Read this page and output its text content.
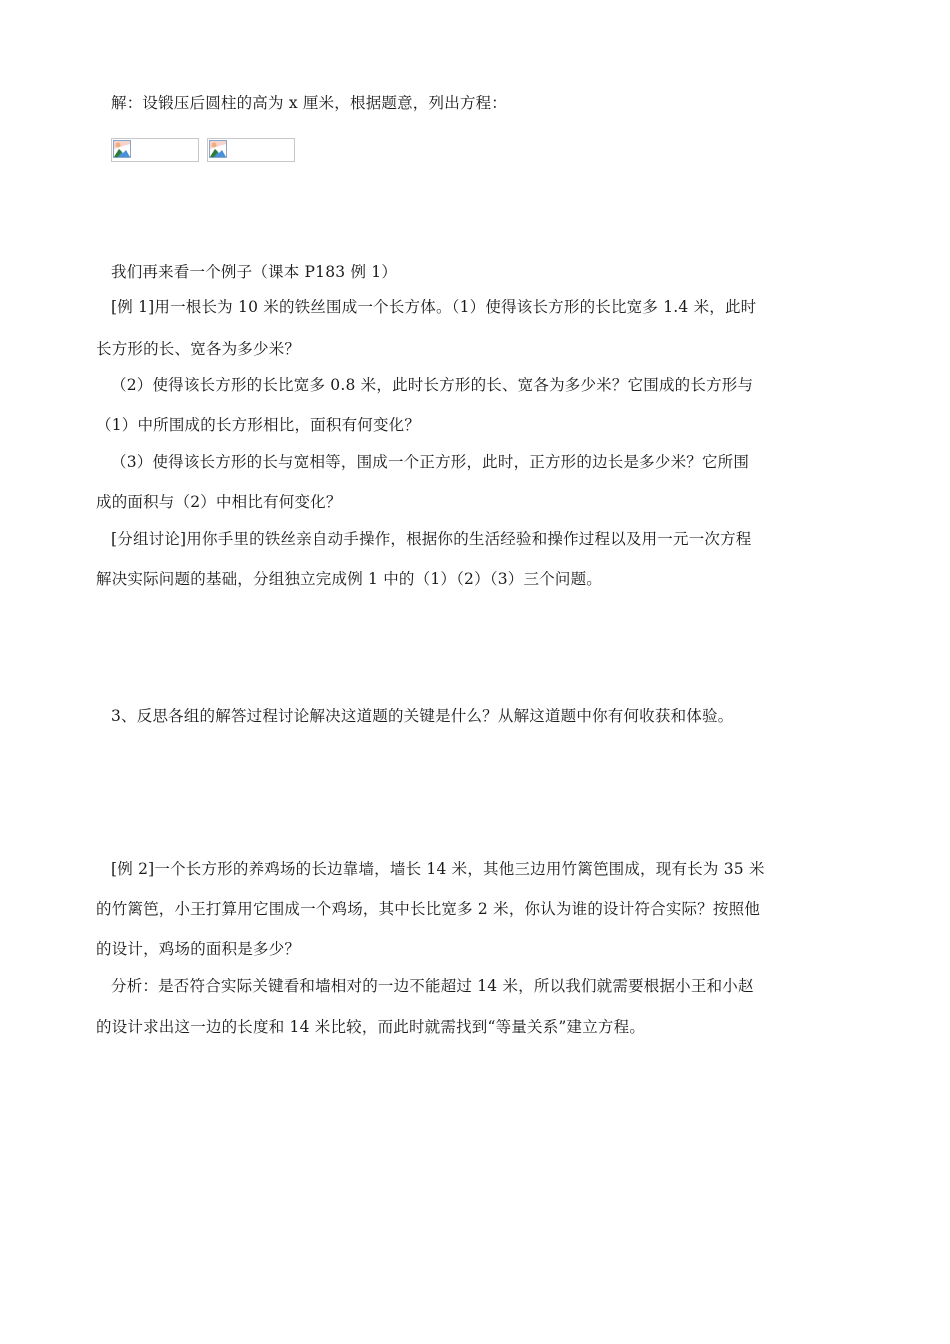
解：设锻压后圆柱的高为 x 厘米，根据题意，列出方程：
我们再来看一个例子（课本 P183 例 1）
[例 1]用一根长为 10 米的铁丝围成一个长方体。（1）使得该长方形的长比宽多 1.4 米，此时
长方形的长、宽各为多少米？
（2）使得该长方形的长比宽多 0.8 米，此时长方形的长、宽各为多少米？它围成的长方形与
（1）中所围成的长方形相比，面积有何变化？
（3）使得该长方形的长与宽相等，围成一个正方形，此时，正方形的边长是多少米？它所围
成的面积与（2）中相比有何变化？
[分组讨论]用你手里的铁丝亲自动手操作，根据你的生活经验和操作过程以及用一元一次方程
解决实际问题的基础，分组独立完成例 1 中的（1）（2）（3）三个问题。
3、反思各组的解答过程讨论解决这道题的关键是什么？从解这道题中你有何收获和体验。
[例 2]一个长方形的养鸡场的长边靠墙，墙长 14 米，其他三边用竹篱笆围成，现有长为 35 米
的竹篱笆，小王打算用它围成一个鸡场，其中长比宽多 2 米，你认为谁的设计符合实际？按照他
的设计，鸡场的面积是多少？
分析：是否符合实际关键看和墙相对的一边不能超过 14 米，所以我们就需要根据小王和小赵
的设计求出这一边的长度和 14 米比较，而此时就需找到“等量关系”建立方程。
